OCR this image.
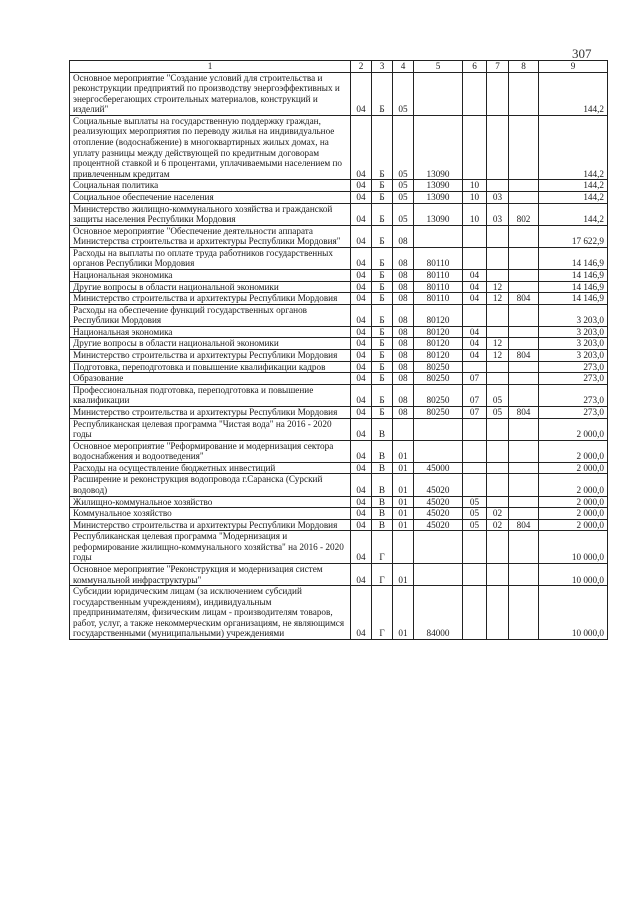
307
1	2	3	4	5	6	7	8	9
Основное мероприятие "Создание условий для строительства и реконструкции предприятий по производству энергоэффективных и энергосберегающих строительных материалов, конструкций и изделий"	04	Б	05					144,2
Социальные выплаты на государственную поддержку граждан, реализующих мероприятия по переводу жилья на индивидуальное отопление (водоснабжение) в многоквартирных жилых домах, на уплату разницы между действующей по кредитным договорам процентной ставкой и 6 процентами, уплачиваемыми населением по привлеченным кредитам	04	Б	05	13090				144,2
Социальная политика	04	Б	05	13090	10			144,2
Социальное обеспечение населения	04	Б	05	13090	10	03		144,2
Министерство жилищно-коммунального хозяйства и гражданской защиты населения Республики Мордовия	04	Б	05	13090	10	03	802	144,2
Основное мероприятие "Обеспечение деятельности аппарата Министерства строительства и архитектуры Республики Мордовия"	04	Б	08					17 622,9
Расходы на выплаты по оплате труда работников государственных органов Республики Мордовия	04	Б	08	80110				14 146,9
Национальная экономика	04	Б	08	80110	04			14 146,9
Другие вопросы в области национальной экономики	04	Б	08	80110	04	12		14 146,9
Министерство строительства и архитектуры Республики Мордовия	04	Б	08	80110	04	12	804	14 146,9
Расходы на обеспечение функций государственных органов Республики Мордовия	04	Б	08	80120				3 203,0
Национальная экономика	04	Б	08	80120	04			3 203,0
Другие вопросы в области национальной экономики	04	Б	08	80120	04	12		3 203,0
Министерство строительства и архитектуры Республики Мордовия	04	Б	08	80120	04	12	804	3 203,0
Подготовка, переподготовка и повышение квалификации кадров	04	Б	08	80250				273,0
Образование	04	Б	08	80250	07			273,0
Профессиональная подготовка, переподготовка и повышение квалификации	04	Б	08	80250	07	05		273,0
Министерство строительства и архитектуры Республики Мордовия	04	Б	08	80250	07	05	804	273,0
Республиканская целевая программа "Чистая вода" на 2016 - 2020 годы	04	В						2 000,0
Основное мероприятие "Реформирование и модернизация сектора водоснабжения и водоотведения"	04	В	01					2 000,0
Расходы на осуществление бюджетных инвестиций	04	В	01	45000				2 000,0
Расширение и реконструкция водопровода г.Саранска (Сурский водовод)	04	В	01	45020				2 000,0
Жилищно-коммунальное хозяйство	04	В	01	45020	05			2 000,0
Коммунальное хозяйство	04	В	01	45020	05	02		2 000,0
Министерство строительства и архитектуры Республики Мордовия	04	В	01	45020	05	02	804	2 000,0
Республиканская целевая программа "Модернизация и реформирование жилищно-коммунального хозяйства" на 2016 - 2020 годы	04	Г						10 000,0
Основное мероприятие "Реконструкция и модернизация систем коммунальной инфраструктуры"	04	Г	01					10 000,0
Субсидии юридическим лицам (за исключением субсидий государственным учреждениям), индивидуальным предпринимателям, физическим лицам - производителям товаров, работ, услуг, а также некоммерческим организациям, не являющимся государственными (муниципальными) учреждениями	04	Г	01	84000				10 000,0
